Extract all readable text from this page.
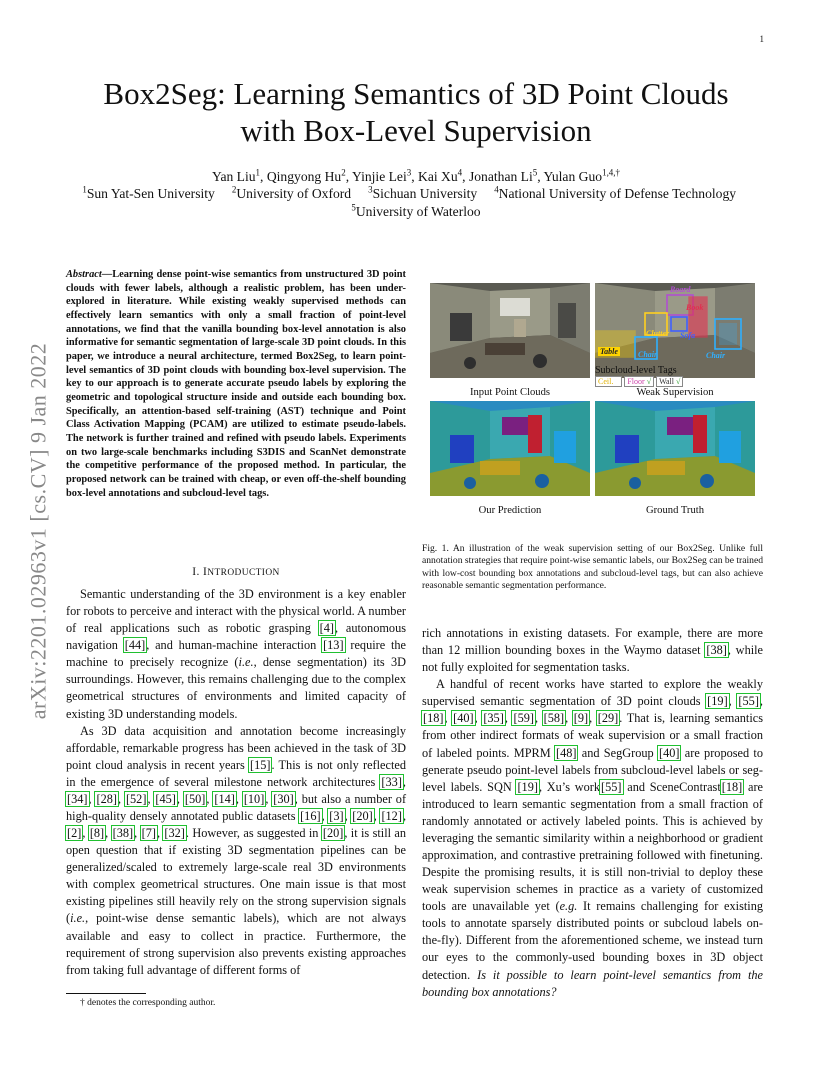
1
arXiv:2201.02963v1 [cs.CV] 9 Jan 2022
Box2Seg: Learning Semantics of 3D Point Clouds
with Box-Level Supervision
Yan Liu$^1$, Qingyong Hu$^2$, Yinjie Lei$^3$, Kai Xu$^4$, Jonathan Li$^5$, Yulan Guo$^{1,4,\dagger}$
$^1$Sun Yat-Sen University  $^2$University of Oxford  $^3$Sichuan University  $^4$National University of Defense Technology  $^5$University of Waterloo
Abstract—Learning dense point-wise semantics from unstructured 3D point clouds with fewer labels, although a realistic problem, has been under-explored in literature. While existing weakly supervised methods can effectively learn semantics with only a small fraction of point-level annotations, we find that the vanilla bounding box-level annotation is also informative for semantic segmentation of large-scale 3D point clouds. In this paper, we introduce a neural architecture, termed Box2Seg, to learn point-level semantics of 3D point clouds with bounding box-level supervision. The key to our approach is to generate accurate pseudo labels by exploring the geometric and topological structure inside and outside each bounding box. Specifically, an attention-based self-training (AST) technique and Point Class Activation Mapping (PCAM) are utilized to estimate pseudo-labels. The network is further trained and refined with pseudo labels. Experiments on two large-scale benchmarks including S3DIS and ScanNet demonstrate the competitive performance of the proposed method. In particular, the proposed network can be trained with cheap, or even off-the-shelf bounding box-level annotations and subcloud-level tags.
I. INTRODUCTION

Semantic understanding of the 3D environment is a key enabler for robots to perceive and interact with the physical world. A number of real applications such as robotic grasping [4], autonomous navigation [44], and human-machine interaction [13] require the machine to precisely recognize (i.e., dense segmentation) its 3D surroundings. However, this remains challenging due to the complex geometrical structures of environments and limited capacity of existing 3D understanding models.

As 3D data acquisition and annotation become increasingly affordable, remarkable progress has been achieved in the task of 3D point cloud analysis in recent years [15]. This is not only reflected in the emergence of several milestone network architectures [33], [34], [28], [52], [45], [50], [14], [10], [30], but also a number of high-quality densely annotated public datasets [16], [3], [20], [12], [2], [8], [38], [7], [32]. However, as suggested in [20], it is still an open question that if existing 3D segmentation pipelines can be generalized/scaled to extremely large-scale real 3D environments with complex geometrical structures. One main issue is that most existing pipelines still heavily rely on the strong supervision signals (i.e., point-wise dense semantic labels), which are not always available and easy to collect in practice. Furthermore, the requirement of strong supervision also prevents existing approaches from taking full advantage of different forms of

† denotes the corresponding author.
Board
Book
Clutter Sofa
Table	Chair	Chair
Subcloud-level Tags
Ceil.  	Floor √	Wall √
Input Point Clouds	Weak Supervision
Our Prediction	Ground Truth
Fig. 1. An illustration of the weak supervision setting of our Box2Seg. Unlike full annotation strategies that require point-wise semantic labels, our Box2Seg can be trained with low-cost bounding box annotations and subcloud-level tags, but can also achieve reasonable semantic segmentation performance.

rich annotations in existing datasets. For example, there are more than 12 million bounding boxes in the Waymo dataset [38], while not fully exploited for segmentation tasks.

A handful of recent works have started to explore the weakly supervised semantic segmentation of 3D point clouds [19], [55], [18], [40], [35], [59], [58], [9], [29]. That is, learning semantics from other indirect formats of weak supervision or a small fraction of labeled points. MPRM [48] and SegGroup [40] are proposed to generate pseudo point-level labels from subcloud-level labels or seg-level labels. SQN [19], Xu’s work[55] and SceneContrast[18] are introduced to learn semantic segmentation from a small fraction of randomly annotated or actively labeled points. This is achieved by leveraging the semantic similarity within a neighborhood or gradient approximation, and contrastive pretraining followed with finetuning. Despite the promising results, it is still non-trivial to deploy these weak supervision schemes in practice as a variety of customized tools are unavailable yet (e.g. It remains challenging for existing tools to annotate sparsely distributed points or subcloud labels on-the-fly). Different from the aforementioned scheme, we instead turn our eyes to the commonly-used bounding boxes in 3D object detection. Is it possible to learn point-level semantics from the bounding box annotations?
